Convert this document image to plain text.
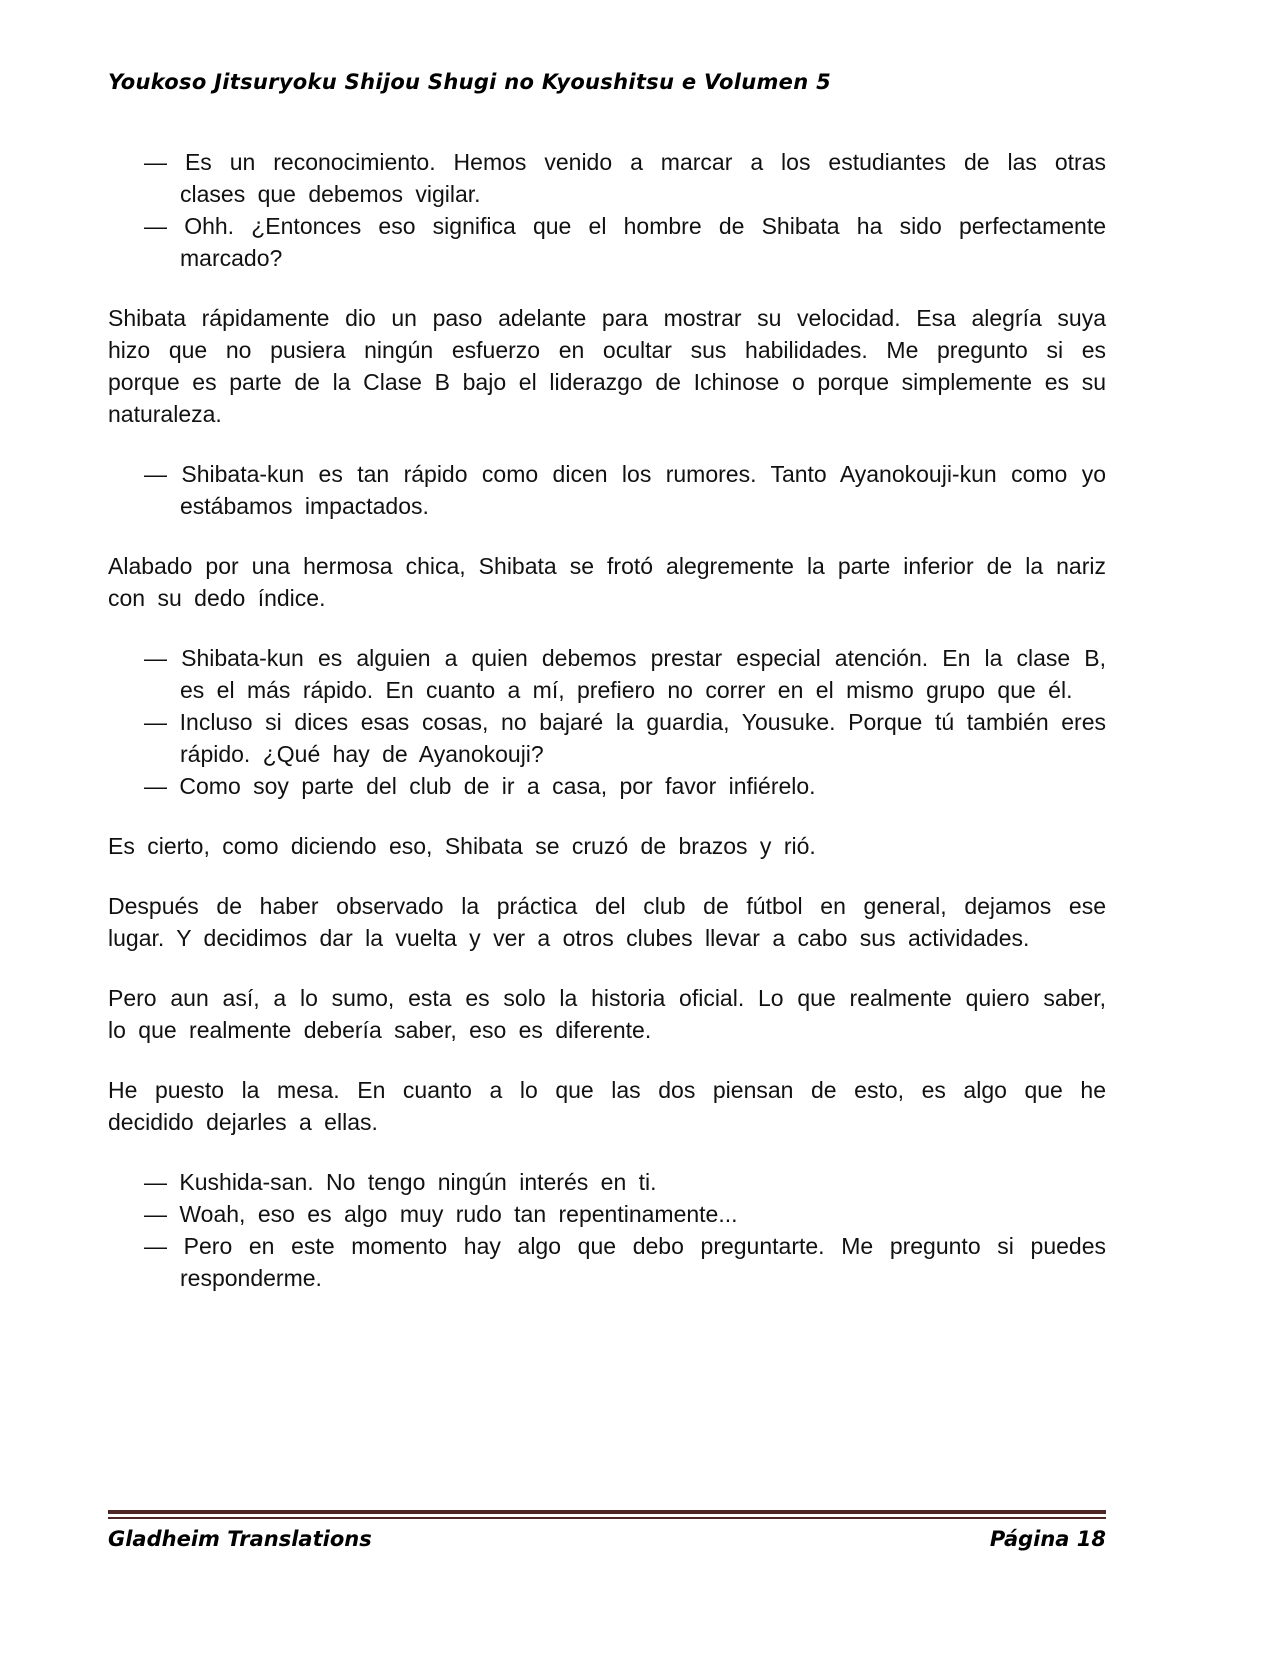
Youkoso Jitsuryoku Shijou Shugi no Kyoushitsu e Volumen 5

— Es un reconocimiento. Hemos venido a marcar a los estudiantes de las otras clases que debemos vigilar.

— Ohh. ¿Entonces eso significa que el hombre de Shibata ha sido perfectamente marcado?

Shibata rápidamente dio un paso adelante para mostrar su velocidad. Esa alegría suya hizo que no pusiera ningún esfuerzo en ocultar sus habilidades. Me pregunto si es porque es parte de la Clase B bajo el liderazgo de Ichinose o porque simplemente es su naturaleza.

— Shibata-kun es tan rápido como dicen los rumores. Tanto Ayanokouji-kun como yo estábamos impactados.

Alabado por una hermosa chica, Shibata se frotó alegremente la parte inferior de la nariz con su dedo índice.

— Shibata-kun es alguien a quien debemos prestar especial atención. En la clase B, es el más rápido. En cuanto a mí, prefiero no correr en el mismo grupo que él.

— Incluso si dices esas cosas, no bajaré la guardia, Yousuke. Porque tú también eres rápido. ¿Qué hay de Ayanokouji?

— Como soy parte del club de ir a casa, por favor infiérelo.

Es cierto, como diciendo eso, Shibata se cruzó de brazos y rió.

Después de haber observado la práctica del club de fútbol en general, dejamos ese lugar. Y decidimos dar la vuelta y ver a otros clubes llevar a cabo sus actividades.

Pero aun así, a lo sumo, esta es solo la historia oficial. Lo que realmente quiero saber, lo que realmente debería saber, eso es diferente.

He puesto la mesa. En cuanto a lo que las dos piensan de esto, es algo que he decidido dejarles a ellas.

— Kushida-san. No tengo ningún interés en ti.

— Woah, eso es algo muy rudo tan repentinamente...

— Pero en este momento hay algo que debo preguntarte. Me pregunto si puedes responderme.

Gladheim Translations	Página 18
